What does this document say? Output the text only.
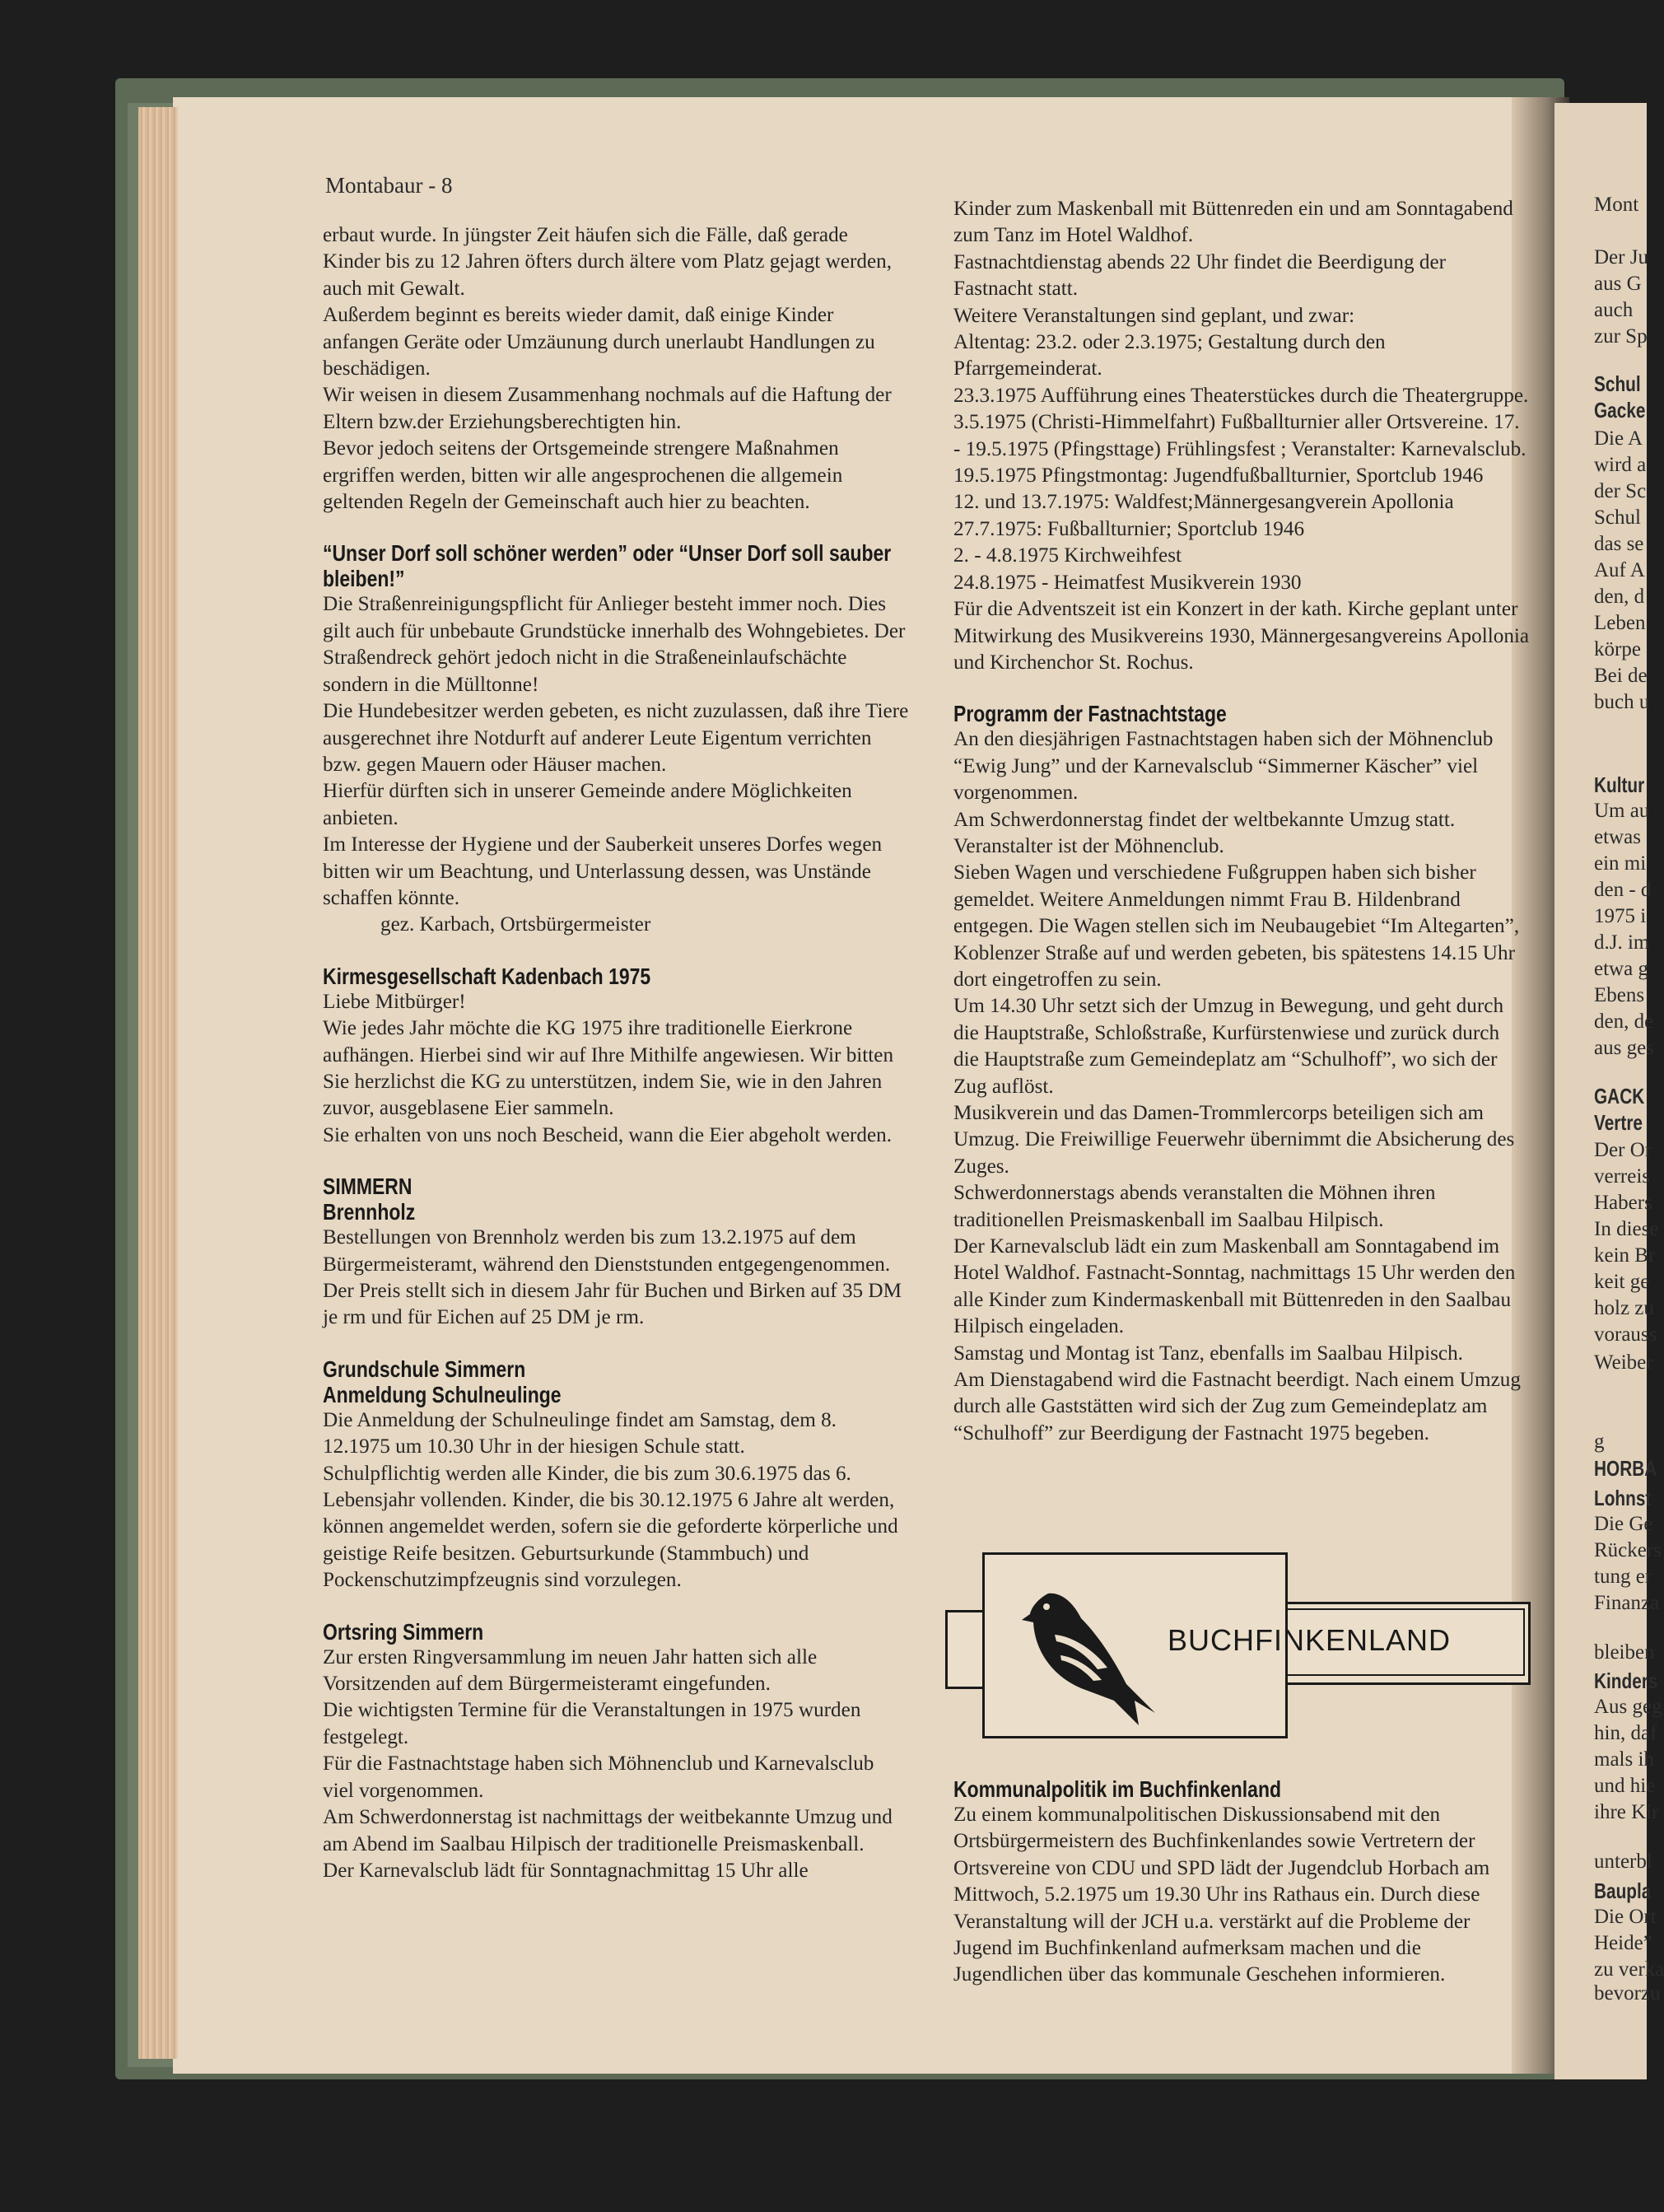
Mont
Der Ju
aus G
auch
zur Sp
Schul
Gacke
Die A
wird a
der Sc
Schul
das se
Auf A
den, d
Leben
körpe
Bei de
buch u
Kultur
Um au
etwas
ein mi
den - d
1975 i
d.J. im
etwa g
Ebens
den, de
aus ges
GACK
Vertre
Der Or
verreis
Habers
In diese
kein Br
keit ge
holz zu
vorauss
Weiber
g
HORBA
Lohnst
Die Ge
Rückers
tung er
Finanza
bleiben
Kinders
Aus geg
hin, daf
mals ih
und hie
ihre Kir
unterbl
Baupla
Die Ort
Heide”
zu verka
bevorzu
Montabaur - 8

erbaut wurde. In jüngster Zeit häufen sich die Fälle, daß gerade Kinder bis zu 12 Jahren öfters durch ältere vom Platz gejagt werden, auch mit Gewalt.

Außerdem beginnt es bereits wieder damit, daß einige Kinder anfangen Geräte oder Umzäunung durch unerlaubt Handlungen zu beschädigen.

Wir weisen in diesem Zusammenhang nochmals auf die Haftung der Eltern bzw.der Erziehungsberechtigten hin.

Bevor jedoch seitens der Ortsgemeinde strengere Maßnahmen ergriffen werden, bitten wir alle angesprochenen die allgemein geltenden Regeln der Gemeinschaft auch hier zu beachten.

“Unser Dorf soll schöner werden” oder “Unser Dorf soll sauber bleiben!”

Die Straßenreinigungspflicht für Anlieger besteht immer noch. Dies gilt auch für unbebaute Grundstücke innerhalb des Wohngebietes. Der Straßendreck gehört jedoch nicht in die Straßeneinlaufschächte sondern in die Mülltonne!

Die Hundebesitzer werden gebeten, es nicht zuzulassen, daß ihre Tiere ausgerechnet ihre Notdurft auf anderer Leute Eigentum verrichten bzw. gegen Mauern oder Häuser machen.

Hierfür dürften sich in unserer Gemeinde andere Möglichkeiten anbieten.

Im Interesse der Hygiene und der Sauberkeit unseres Dorfes wegen bitten wir um Beachtung, und Unterlassung dessen, was Unstände schaffen könnte.

gez. Karbach, Ortsbürgermeister

Kirmesgesellschaft Kadenbach 1975

Liebe Mitbürger!

Wie jedes Jahr möchte die KG 1975 ihre traditionelle Eierkrone aufhängen. Hierbei sind wir auf Ihre Mithilfe angewiesen. Wir bitten Sie herzlichst die KG zu unterstützen, indem Sie, wie in den Jahren zuvor, ausgeblasene Eier sammeln.

Sie erhalten von uns noch Bescheid, wann die Eier abgeholt werden.

SIMMERN
Brennholz

Bestellungen von Brennholz werden bis zum 13.2.1975 auf dem Bürgermeisteramt, während den Dienststunden entgegengenommen.

Der Preis stellt sich in diesem Jahr für Buchen und Birken auf 35 DM je rm und für Eichen auf 25 DM je rm.

Grundschule Simmern
Anmeldung Schulneulinge

Die Anmeldung der Schulneulinge findet am Samstag, dem 8. 12.1975 um 10.30 Uhr in der hiesigen Schule statt.

Schulpflichtig werden alle Kinder, die bis zum 30.6.1975 das 6. Lebensjahr vollenden. Kinder, die bis 30.12.1975 6 Jahre alt werden, können angemeldet werden, sofern sie die geforderte körperliche und geistige Reife besitzen. Geburtsurkunde (Stammbuch) und Pockenschutzimpfzeugnis sind vorzulegen.

Ortsring Simmern

Zur ersten Ringversammlung im neuen Jahr hatten sich alle Vorsitzenden auf dem Bürgermeisteramt eingefunden.

Die wichtigsten Termine für die Veranstaltungen in 1975 wurden festgelegt.

Für die Fastnachtstage haben sich Möhnenclub und Karnevalsclub viel vorgenommen.

Am Schwerdonnerstag ist nachmittags der weitbekannte Umzug und am Abend im Saalbau Hilpisch der traditionelle Preismaskenball.

Der Karnevalsclub lädt für Sonntagnachmittag 15 Uhr alle

Kinder zum Maskenball mit Büttenreden ein und am Sonntagabend zum Tanz im Hotel Waldhof.

Fastnachtdienstag abends 22 Uhr findet die Beerdigung der Fastnacht statt.

Weitere Veranstaltungen sind geplant, und zwar:

Altentag: 23.2. oder 2.3.1975; Gestaltung durch den Pfarrgemeinderat.

23.3.1975 Aufführung eines Theaterstückes durch die Theatergruppe.

3.5.1975 (Christi-Himmelfahrt) Fußballturnier aller Ortsvereine. 17. - 19.5.1975 (Pfingsttage) Frühlingsfest ; Veranstalter: Karnevalsclub.

19.5.1975 Pfingstmontag: Jugendfußballturnier, Sportclub 1946

12. und 13.7.1975: Waldfest;Männergesangverein Apollonia

27.7.1975: Fußballturnier; Sportclub 1946

2. - 4.8.1975 Kirchweihfest

24.8.1975 - Heimatfest Musikverein 1930

Für die Adventszeit ist ein Konzert in der kath. Kirche geplant unter Mitwirkung des Musikvereins 1930, Männergesangvereins Apollonia und Kirchenchor St. Rochus.

Programm der Fastnachtstage

An den diesjährigen Fastnachtstagen haben sich der Möhnenclub “Ewig Jung” und der Karnevalsclub “Simmerner Käscher” viel vorgenommen.

Am Schwerdonnerstag findet der weltbekannte Umzug statt. Veranstalter ist der Möhnenclub.

Sieben Wagen und verschiedene Fußgruppen haben sich bisher gemeldet. Weitere Anmeldungen nimmt Frau B. Hildenbrand entgegen. Die Wagen stellen sich im Neubaugebiet “Im Altegarten”, Koblenzer Straße auf und werden gebeten, bis spätestens 14.15 Uhr dort eingetroffen zu sein.

Um 14.30 Uhr setzt sich der Umzug in Bewegung, und geht durch die Hauptstraße, Schloßstraße, Kurfürstenwiese und zurück durch die Hauptstraße zum Gemeindeplatz am “Schulhoff”, wo sich der Zug auflöst.

Musikverein und das Damen-Trommlercorps beteiligen sich am Umzug. Die Freiwillige Feuerwehr übernimmt die Absicherung des Zuges.

Schwerdonnerstags abends veranstalten die Möhnen ihren traditionellen Preismaskenball im Saalbau Hilpisch.

Der Karnevalsclub lädt ein zum Maskenball am Sonntagabend im Hotel Waldhof. Fastnacht-Sonntag, nachmittags 15 Uhr werden den alle Kinder zum Kindermaskenball mit Büttenreden in den Saalbau Hilpisch eingeladen.

Samstag und Montag ist Tanz, ebenfalls im Saalbau Hilpisch.

Am Dienstagabend wird die Fastnacht beerdigt. Nach einem Umzug durch alle Gaststätten wird sich der Zug zum Gemeindeplatz am “Schulhoff” zur Beerdigung der Fastnacht 1975 begeben.

BUCHFINKENLAND
Kommunalpolitik im Buchfinkenland

Zu einem kommunalpolitischen Diskussionsabend mit den Ortsbürgermeistern des Buchfinkenlandes sowie Vertretern der Ortsvereine von CDU und SPD lädt der Jugendclub Horbach am Mittwoch, 5.2.1975 um 19.30 Uhr ins Rathaus ein. Durch diese Veranstaltung will der JCH u.a. verstärkt auf die Probleme der Jugend im Buchfinkenland aufmerksam machen und die Jugendlichen über das kommunale Geschehen informieren.
